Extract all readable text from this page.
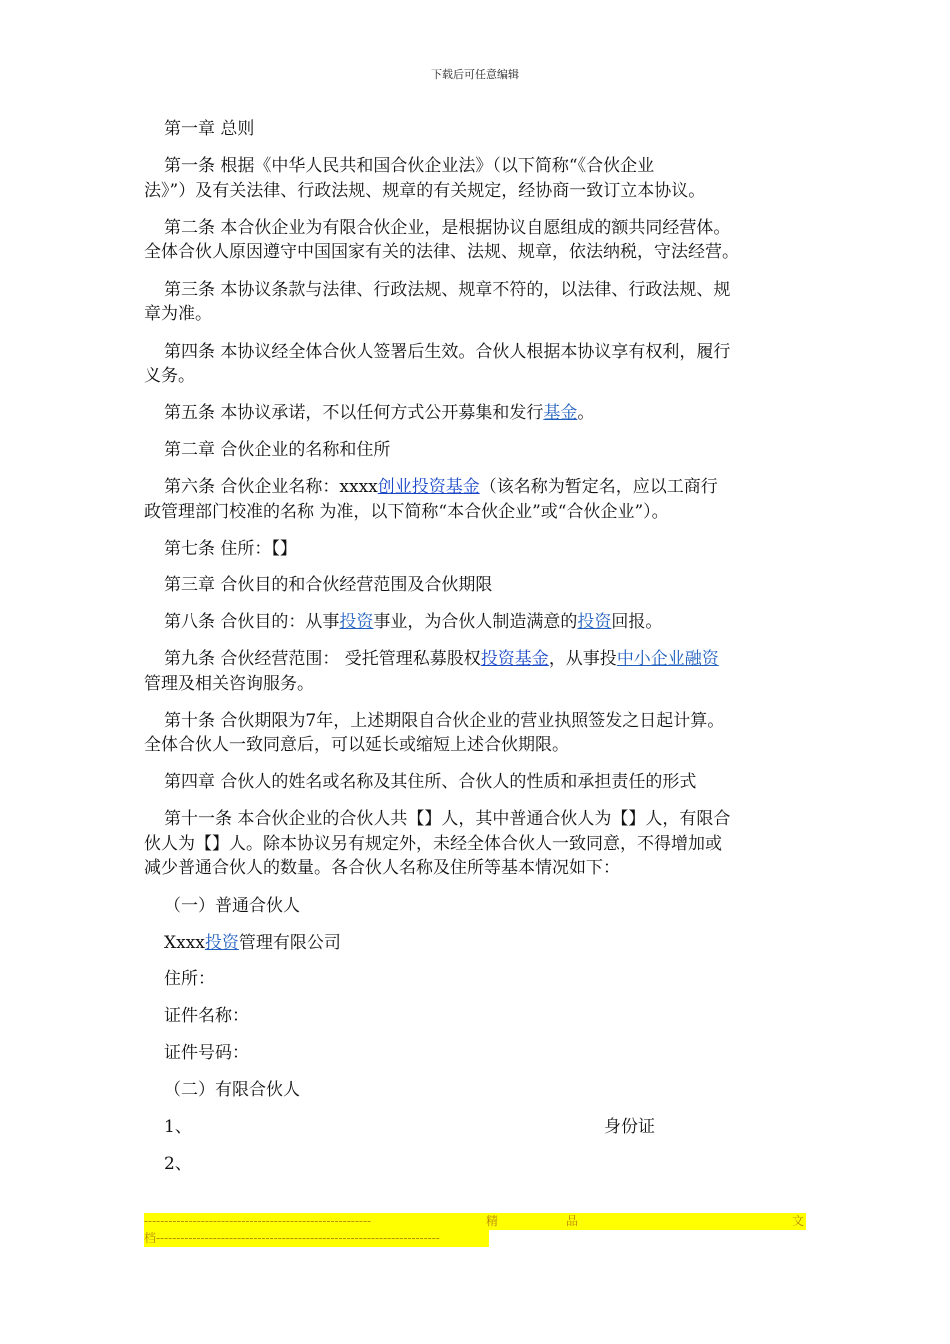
下载后可任意编辑
第一章 总则
第一条 根据《中华人民共和国合伙企业法》（以下简称“《合伙企业
法》”）及有关法律、行政法规、规章的有关规定，经协商一致订立本协议。
第二条 本合伙企业为有限合伙企业，是根据协议自愿组成的额共同经营体。
全体合伙人原因遵守中国国家有关的法律、法规、规章，依法纳税，守法经营。
第三条 本协议条款与法律、行政法规、规章不符的，以法律、行政法规、规
章为准。
第四条 本协议经全体合伙人签署后生效。合伙人根据本协议享有权利，履行
义务。
第五条 本协议承诺，不以任何方式公开募集和发行基金。
第二章 合伙企业的名称和住所
第六条 合伙企业名称：xxxx创业投资基金（该名称为暂定名，应以工商行
政管理部门校准的名称 为准，以下简称“本合伙企业”或“合伙企业”）。
第七条 住所：【】
第三章 合伙目的和合伙经营范围及合伙期限
第八条 合伙目的：从事投资事业，为合伙人制造满意的投资回报。
第九条 合伙经营范围： 受托管理私募股权投资基金，从事投中小企业融资
管理及相关咨询服务。
第十条 合伙期限为7年，上述期限自合伙企业的营业执照签发之日起计算。
全体合伙人一致同意后，可以延长或缩短上述合伙期限。
第四章 合伙人的姓名或名称及其住所、合伙人的性质和承担责任的形式
第十一条 本合伙企业的合伙人共【】人，其中普通合伙人为【】人，有限合
伙人为【】人。除本协议另有规定外，未经全体合伙人一致同意，不得增加或
减少普通合伙人的数量。各合伙人名称及住所等基本情况如下：
（一）普通合伙人
Xxxx投资管理有限公司
住所：
证件名称：
证件号码：
（二）有限合伙人
1、	身份证
2、
--------------------------------------------------------	精	品	文
档----------------------------------------------------------------------
